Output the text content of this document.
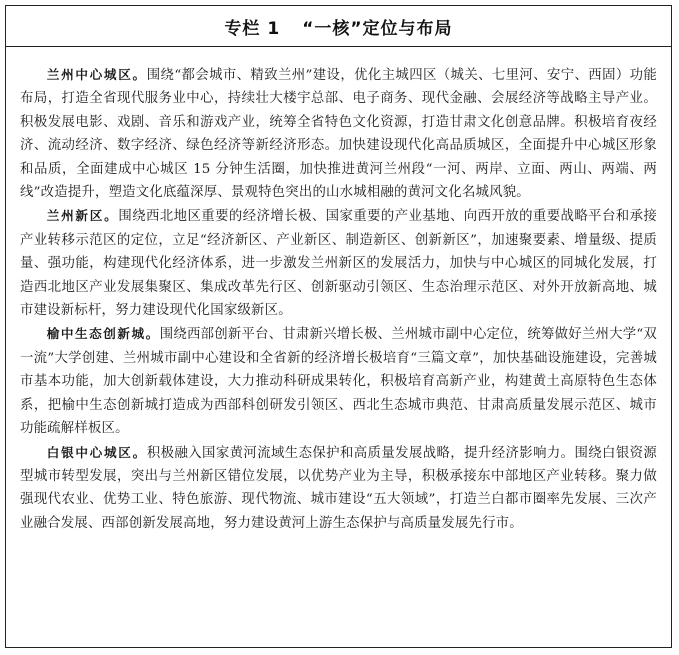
专栏 1 “一核”定位与布局

兰州中心城区。围绕“都会城市、精致兰州”建设，优化主城四区（城关、七里河、安宁、西固）功能布局，打造全省现代服务业中心，持续壮大楼宇总部、电子商务、现代金融、会展经济等战略主导产业。积极发展电影、戏剧、音乐和游戏产业，统筹全省特色文化资源，打造甘肃文化创意品牌。积极培育夜经济、流动经济、数字经济、绿色经济等新经济形态。加快建设现代化高品质城区，全面提升中心城区形象和品质，全面建成中心城区 15 分钟生活圈，加快推进黄河兰州段“一河、两岸、立面、两山、两端、两线”改造提升，塑造文化底蕴深厚、景观特色突出的山水城相融的黄河文化名城风貌。

兰州新区。围绕西北地区重要的经济增长极、国家重要的产业基地、向西开放的重要战略平台和承接产业转移示范区的定位，立足“经济新区、产业新区、制造新区、创新新区”，加速聚要素、增量级、提质量、强功能，构建现代化经济体系，进一步激发兰州新区的发展活力，加快与中心城区的同城化发展，打造西北地区产业发展集聚区、集成改革先行区、创新驱动引领区、生态治理示范区、对外开放新高地、城市建设新标杆，努力建设现代化国家级新区。

榆中生态创新城。围绕西部创新平台、甘肃新兴增长极、兰州城市副中心定位，统筹做好兰州大学“双一流”大学创建、兰州城市副中心建设和全省新的经济增长极培育“三篇文章”，加快基础设施建设，完善城市基本功能，加大创新载体建设，大力推动科研成果转化，积极培育高新产业，构建黄土高原特色生态体系，把榆中生态创新城打造成为西部科创研发引领区、西北生态城市典范、甘肃高质量发展示范区、城市功能疏解样板区。

白银中心城区。积极融入国家黄河流域生态保护和高质量发展战略，提升经济影响力。围绕白银资源型城市转型发展，突出与兰州新区错位发展，以优势产业为主导，积极承接东中部地区产业转移。聚力做强现代农业、优势工业、特色旅游、现代物流、城市建设“五大领域”，打造兰白都市圈率先发展、三次产业融合发展、西部创新发展高地，努力建设黄河上游生态保护与高质量发展先行市。
